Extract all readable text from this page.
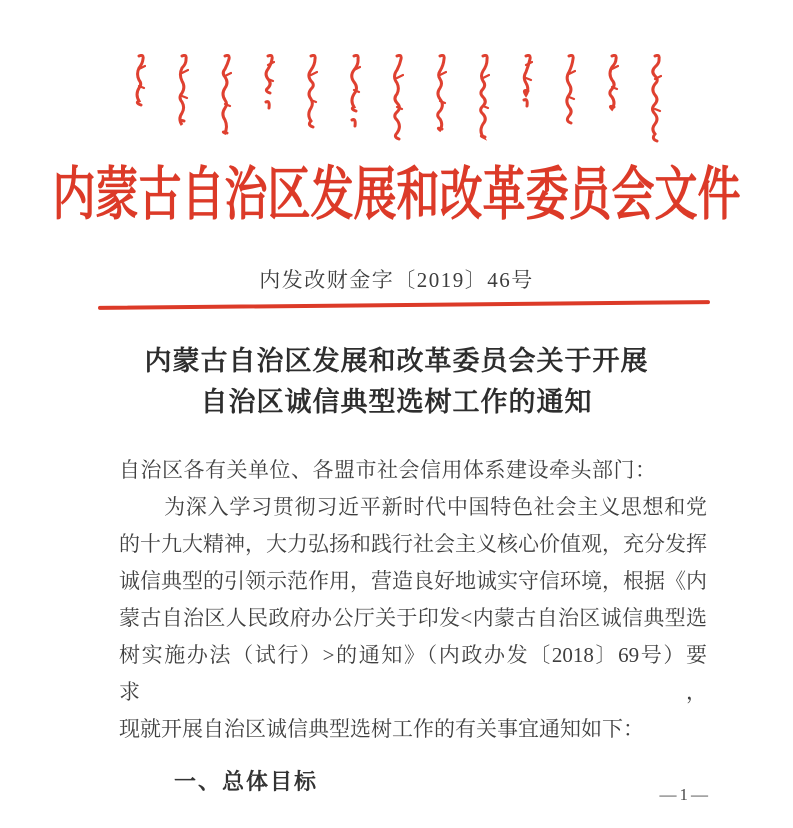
内蒙古自治区发展和改革委员会文件
内发改财金字〔2019〕46号
内蒙古自治区发展和改革委员会关于开展
自治区诚信典型选树工作的通知
自治区各有关单位、各盟市社会信用体系建设牵头部门：
为深入学习贯彻习近平新时代中国特色社会主义思想和党
的十九大精神，大力弘扬和践行社会主义核心价值观，充分发挥
诚信典型的引领示范作用，营造良好地诚实守信环境，根据《内
蒙古自治区人民政府办公厅关于印发<内蒙古自治区诚信典型选
树实施办法（试行）>的通知》（内政办发〔2018〕69号）要求，
现就开展自治区诚信典型选树工作的有关事宜通知如下：
一、总体目标
—1—
